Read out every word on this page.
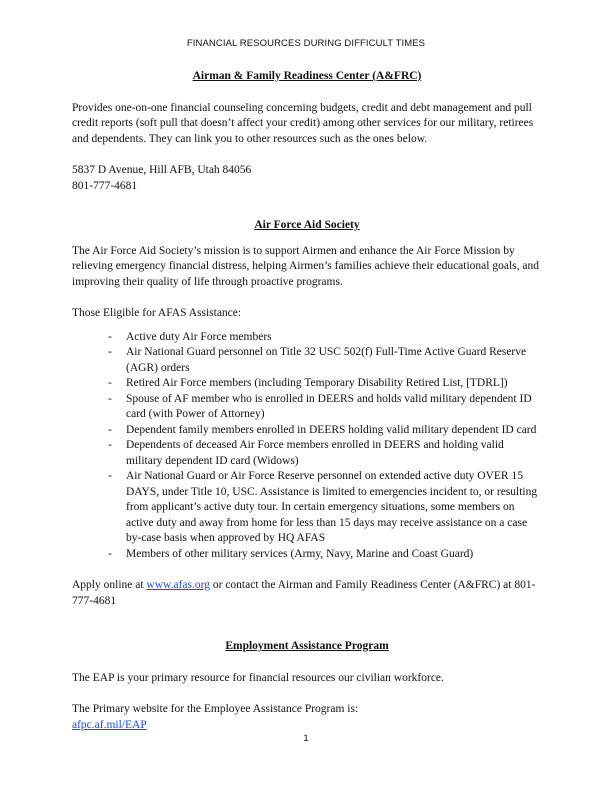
FINANCIAL RESOURCES DURING DIFFICULT TIMES

Airman & Family Readiness Center (A&FRC)

Provides one-on-one financial counseling concerning budgets, credit and debt management and pull credit reports (soft pull that doesn’t affect your credit) among other services for our military, retirees and dependents. They can link you to other resources such as the ones below.

5837 D Avenue, Hill AFB, Utah 84056

801-777-4681

Air Force Aid Society

The Air Force Aid Society’s mission is to support Airmen and enhance the Air Force Mission by relieving emergency financial distress, helping Airmen’s families achieve their educational goals, and improving their quality of life through proactive programs.

Those Eligible for AFAS Assistance:

- Active duty Air Force members
- Air National Guard personnel on Title 32 USC 502(f) Full-Time Active Guard Reserve (AGR) orders
- Retired Air Force members (including Temporary Disability Retired List, [TDRL])
- Spouse of AF member who is enrolled in DEERS and holds valid military dependent ID card (with Power of Attorney)
- Dependent family members enrolled in DEERS holding valid military dependent ID card
- Dependents of deceased Air Force members enrolled in DEERS and holding valid military dependent ID card (Widows)
- Air National Guard or Air Force Reserve personnel on extended active duty OVER 15 DAYS, under Title 10, USC. Assistance is limited to emergencies incident to, or resulting from applicant’s active duty tour. In certain emergency situations, some members on active duty and away from home for less than 15 days may receive assistance on a case by-case basis when approved by HQ AFAS
- Members of other military services (Army, Navy, Marine and Coast Guard)

Apply online at www.afas.org or contact the Airman and Family Readiness Center (A&FRC) at 801-777-4681

Employment Assistance Program

The EAP is your primary resource for financial resources our civilian workforce.

The Primary website for the Employee Assistance Program is:

afpc.af.mil/EAP

1
